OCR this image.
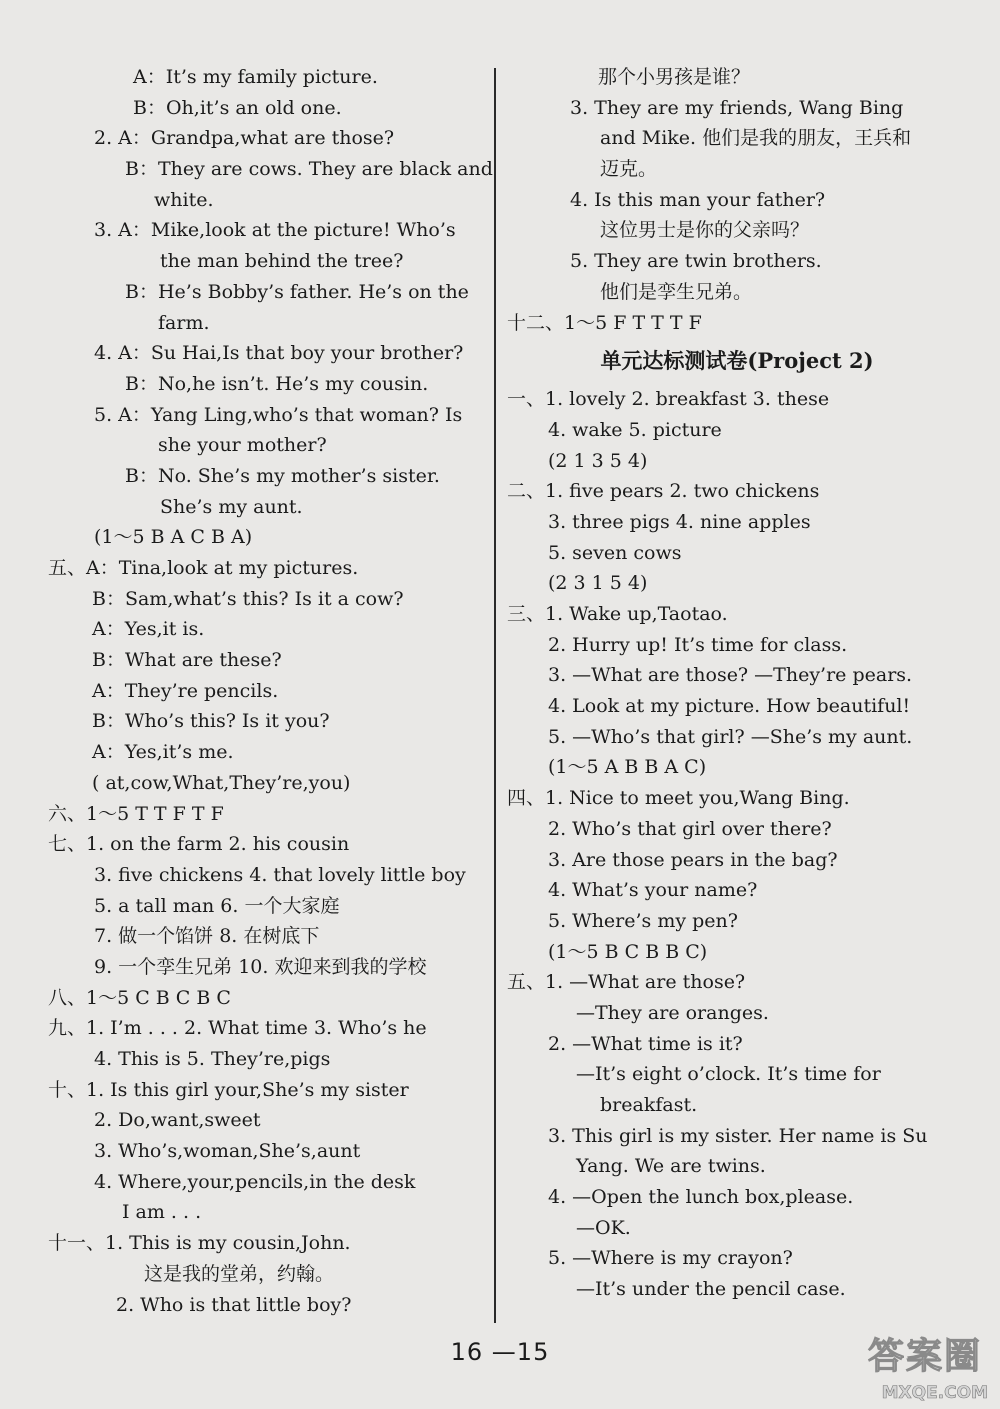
A：It’s my family picture.
B：Oh,it’s an old one.
2. A：Grandpa,what are those?
B：They are cows. They are black and
white.
3. A：Mike,look at the picture! Who’s
the man behind the tree?
B：He’s Bobby’s father. He’s on the
farm.
4. A：Su Hai,Is that boy your brother?
B：No,he isn’t. He’s my cousin.
5. A：Yang Ling,who’s that woman? Is
she your mother?
B：No. She’s my mother’s sister.
She’s my aunt.
(1～5 B A C B A)
五、A：Tina,look at my pictures.
B：Sam,what’s this? Is it a cow?
A：Yes,it is.
B：What are these?
A：They’re pencils.
B：Who’s this? Is it you?
A：Yes,it’s me.
( at,cow,What,They’re,you)
六、1～5 T T F T F
七、1. on the farm 2. his cousin
3. five chickens 4. that lovely little boy
5. a tall man 6. 一个大家庭
7. 做一个馅饼 8. 在树底下
9. 一个孪生兄弟 10. 欢迎来到我的学校
八、1～5 C B C B C
九、1. I’m . . . 2. What time 3. Who’s he
4. This is 5. They’re,pigs
十、1. Is this girl your,She’s my sister
2. Do,want,sweet
3. Who’s,woman,She’s,aunt
4. Where,your,pencils,in the desk
I am . . .
十一、1. This is my cousin,John.
这是我的堂弟，约翰。
2. Who is that little boy?
那个小男孩是谁？
3. They are my friends, Wang Bing
and Mike. 他们是我的朋友，王兵和
迈克。
4. Is this man your father?
这位男士是你的父亲吗？
5. They are twin brothers.
他们是孪生兄弟。
十二、1～5 F T T T F
单元达标测试卷(Project 2)
一、1. lovely 2. breakfast 3. these
4. wake 5. picture
(2 1 3 5 4)
二、1. five pears 2. two chickens
3. three pigs 4. nine apples
5. seven cows
(2 3 1 5 4)
三、1. Wake up,Taotao.
2. Hurry up! It’s time for class.
3. —What are those? —They’re pears.
4. Look at my picture. How beautiful!
5. —Who’s that girl? —She’s my aunt.
(1～5 A B B A C)
四、1. Nice to meet you,Wang Bing.
2. Who’s that girl over there?
3. Are those pears in the bag?
4. What’s your name?
5. Where’s my pen?
(1～5 B C B B C)
五、1. —What are those?
—They are oranges.
2. —What time is it?
—It’s eight o’clock. It’s time for
breakfast.
3. This girl is my sister. Her name is Su
Yang. We are twins.
4. —Open the lunch box,please.
—OK.
5. —Where is my crayon?
—It’s under the pencil case.
16 —15	答案圈
MXQE.COM
